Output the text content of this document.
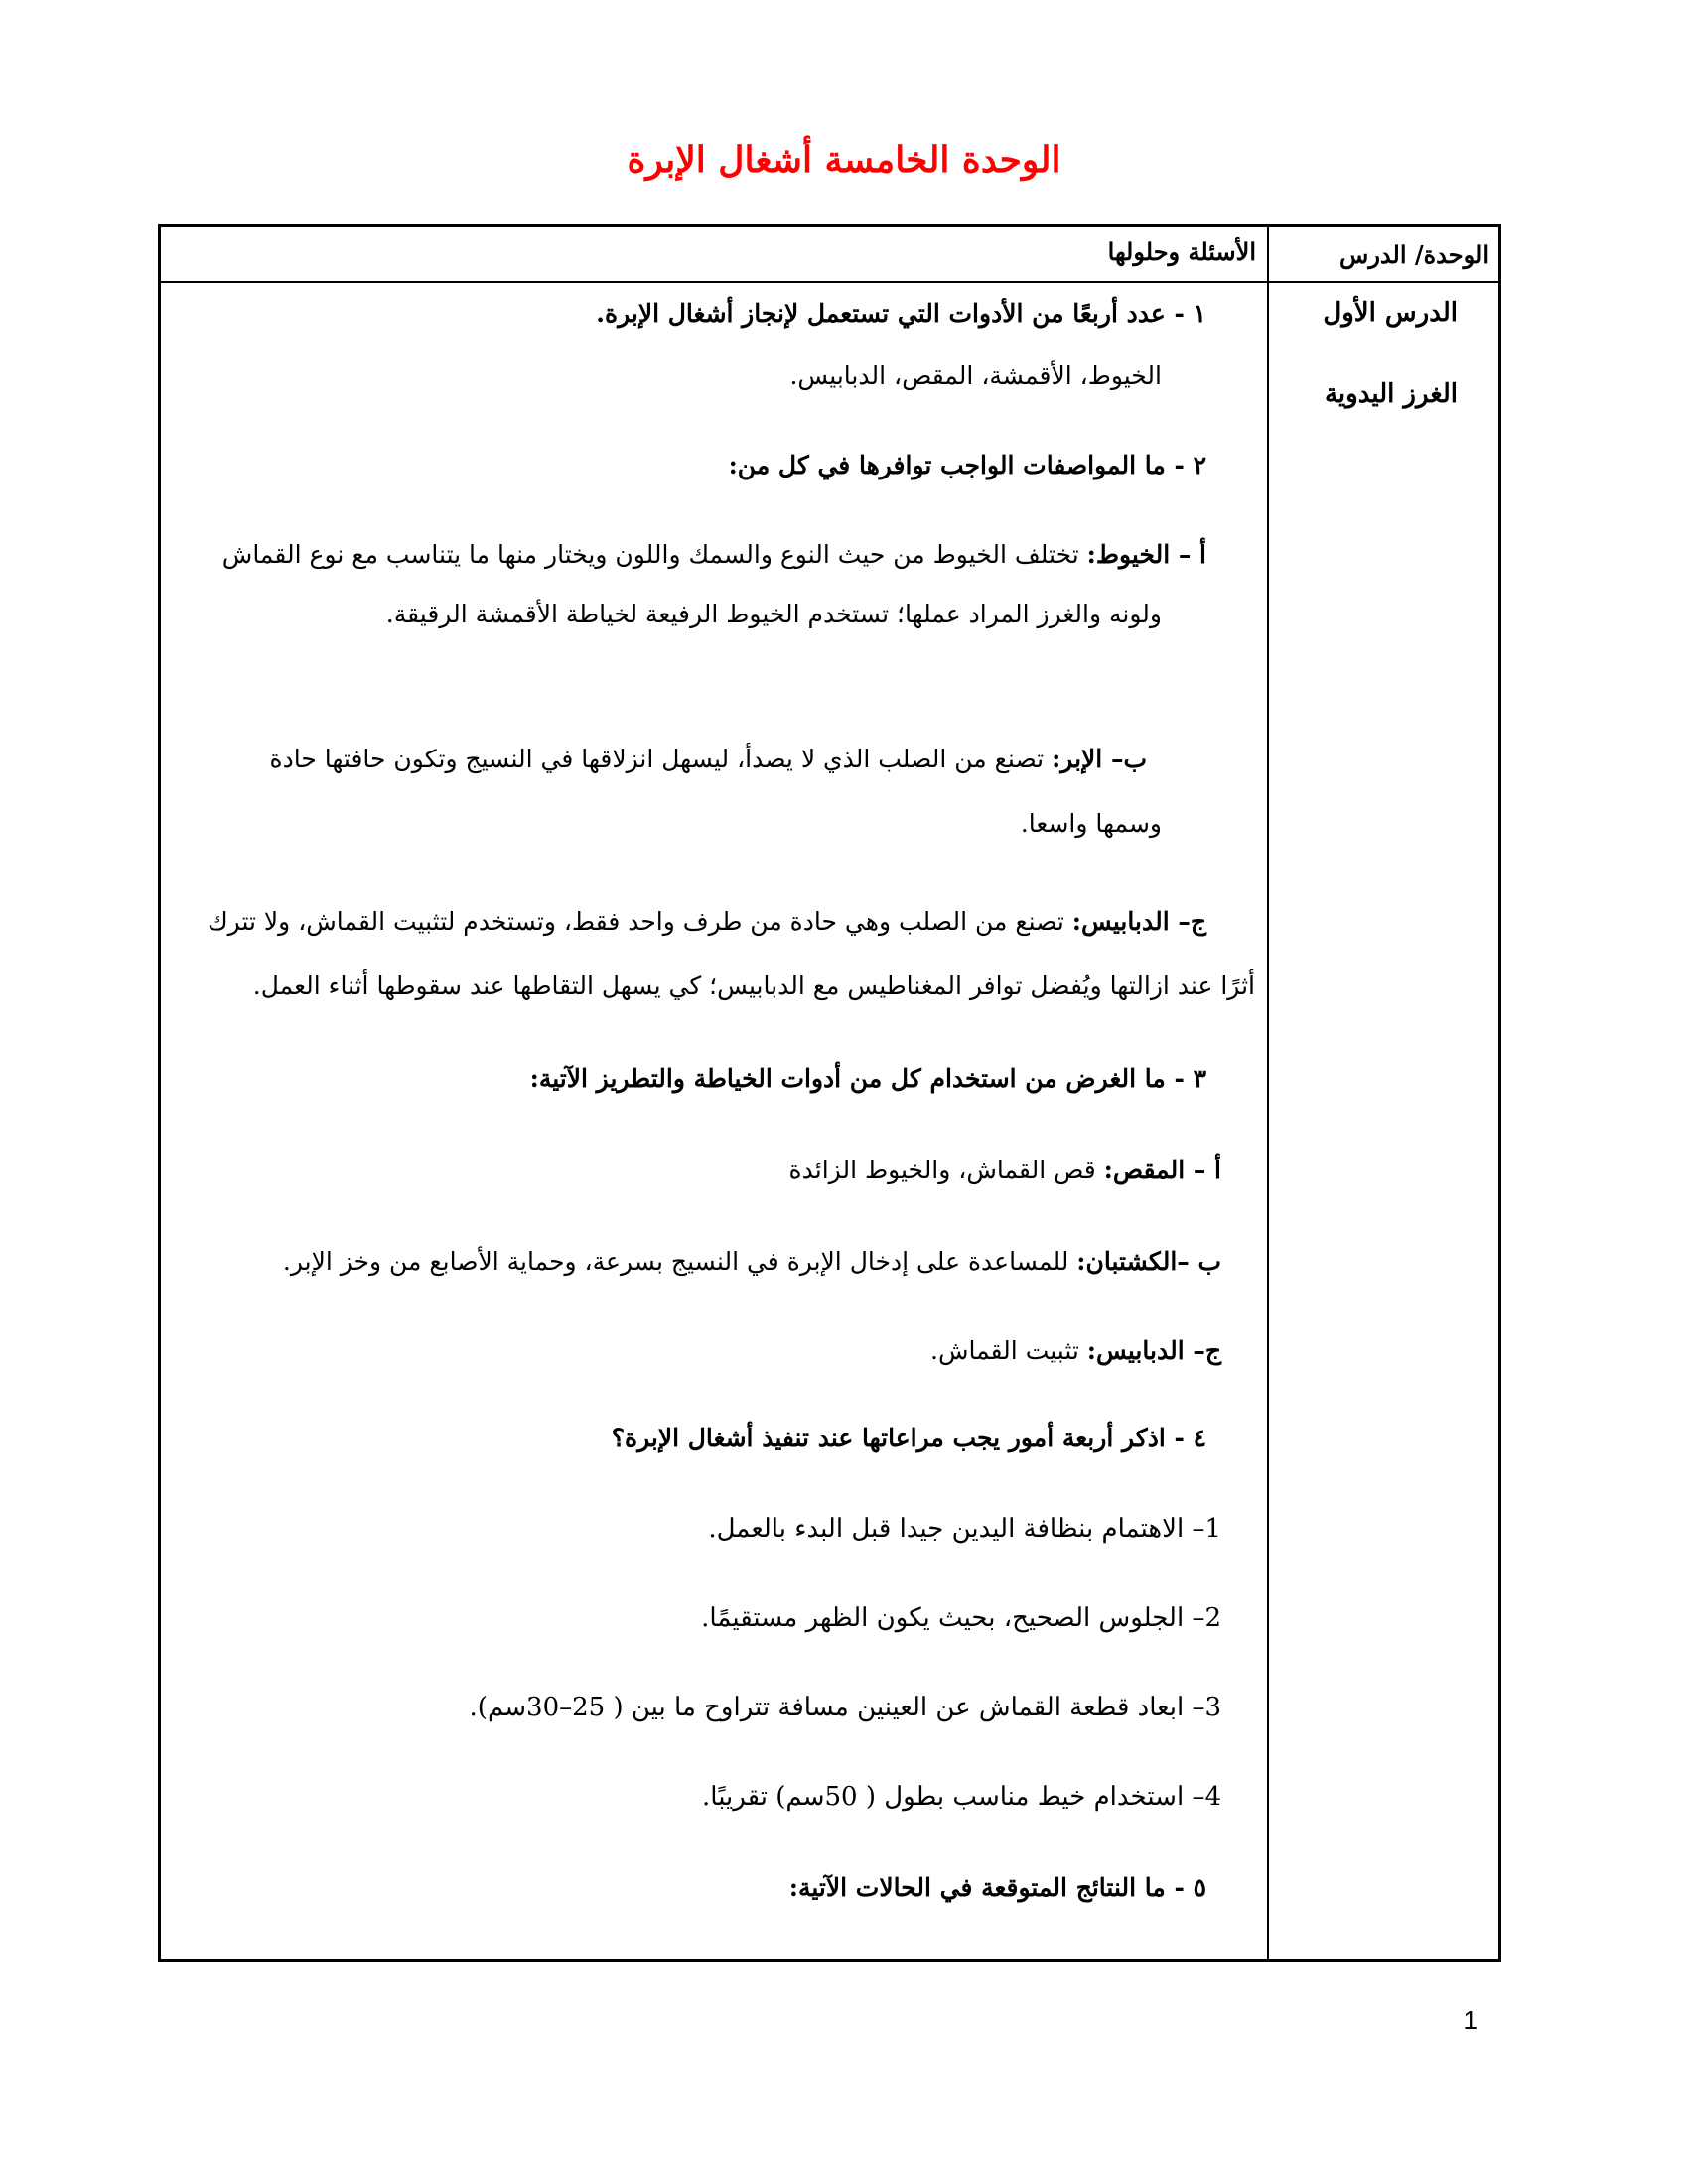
الوحدة الخامسة أشغال الإبرة
الوحدة/ الدرس
الأسئلة وحلولها
الدرس الأول
الغرز اليدوية
١ - عدد أربعًا من الأدوات التي تستعمل لإنجاز أشغال الإبرة.
الخيوط، الأقمشة، المقص، الدبابيس.
٢ - ما المواصفات الواجب توافرها في كل من:
أ – الخيوط: تختلف الخيوط من حيث النوع والسمك واللون ويختار منها ما يتناسب مع نوع القماش
ولونه والغرز المراد عملها؛ تستخدم الخيوط الرفيعة لخياطة الأقمشة الرقيقة.
ب– الإبر: تصنع من الصلب الذي لا يصدأ، ليسهل انزلاقها في النسيج وتكون حافتها حادة
وسمها واسعا.
ج– الدبابيس: تصنع من الصلب وهي حادة من طرف واحد فقط، وتستخدم لتثبيت القماش، ولا تترك
أثرًا عند ازالتها ويُفضل توافر المغناطيس مع الدبابيس؛ كي يسهل التقاطها عند سقوطها أثناء العمل.
٣ - ما الغرض من استخدام كل من أدوات الخياطة والتطريز الآتية:
أ – المقص: قص القماش، والخيوط الزائدة
ب –الكشتبان: للمساعدة على إدخال الإبرة في النسيج بسرعة، وحماية الأصابع من وخز الإبر.
ج– الدبابيس: تثبيت القماش.
٤ - اذكر أربعة أمور يجب مراعاتها عند تنفيذ أشغال الإبرة؟
1– الاهتمام بنظافة اليدين جيدا قبل البدء بالعمل.
2– الجلوس الصحيح، بحيث يكون الظهر مستقيمًا.
3– ابعاد قطعة القماش عن العينين مسافة تتراوح ما بين ( 25–30سم).
4– استخدام خيط مناسب بطول ( 50سم) تقريبًا.
٥ - ما النتائج المتوقعة في الحالات الآتية:
1
